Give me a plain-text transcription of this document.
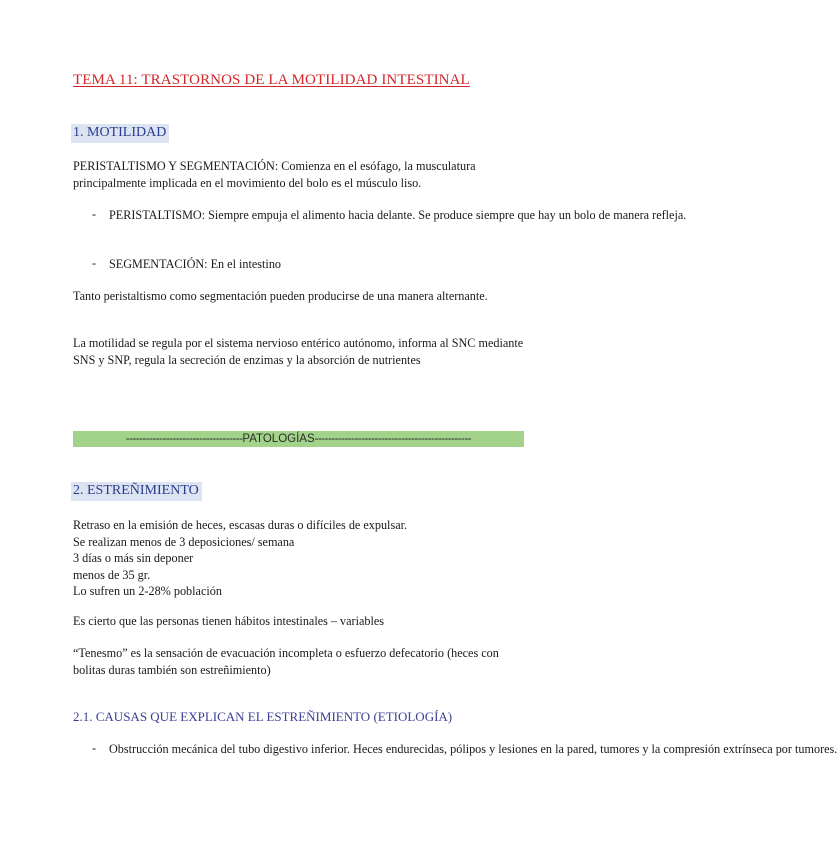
TEMA 11: TRASTORNOS DE LA MOTILIDAD INTESTINAL
1. MOTILIDAD
PERISTALTISMO Y SEGMENTACIÓN: Comienza en el esófago, la musculatura principalmente implicada en el movimiento del bolo es el músculo liso.
- PERISTALTISMO: Siempre empuja el alimento hacia delante. Se produce siempre que hay un bolo de manera refleja.
- SEGMENTACIÓN: En el intestino
Tanto peristaltismo como segmentación pueden producirse de una manera alternante.
La motilidad se regula por el sistema nervioso entérico autónomo, informa al SNC mediante SNS y SNP, regula la secreción de enzimas y la absorción de nutrientes
-----------------------------------PATOLOGÍAS-----------------------------------------------
2. ESTREÑIMIENTO
Retraso en la emisión de heces, escasas duras o difíciles de expulsar.
Se realizan menos de 3 deposiciones/ semana
3 días o más sin deponer
menos de 35 gr.
Lo sufren un 2-28% población
Es cierto que las personas tienen hábitos intestinales – variables
“Tenesmo” es la sensación de evacuación incompleta o esfuerzo defecatorio (heces con bolitas duras también son estreñimiento)
2.1. CAUSAS QUE EXPLICAN EL ESTREÑIMIENTO (ETIOLOGÍA)
- Obstrucción mecánica del tubo digestivo inferior. Heces endurecidas, pólipos y lesiones en la pared, tumores y la compresión extrínseca por tumores.
